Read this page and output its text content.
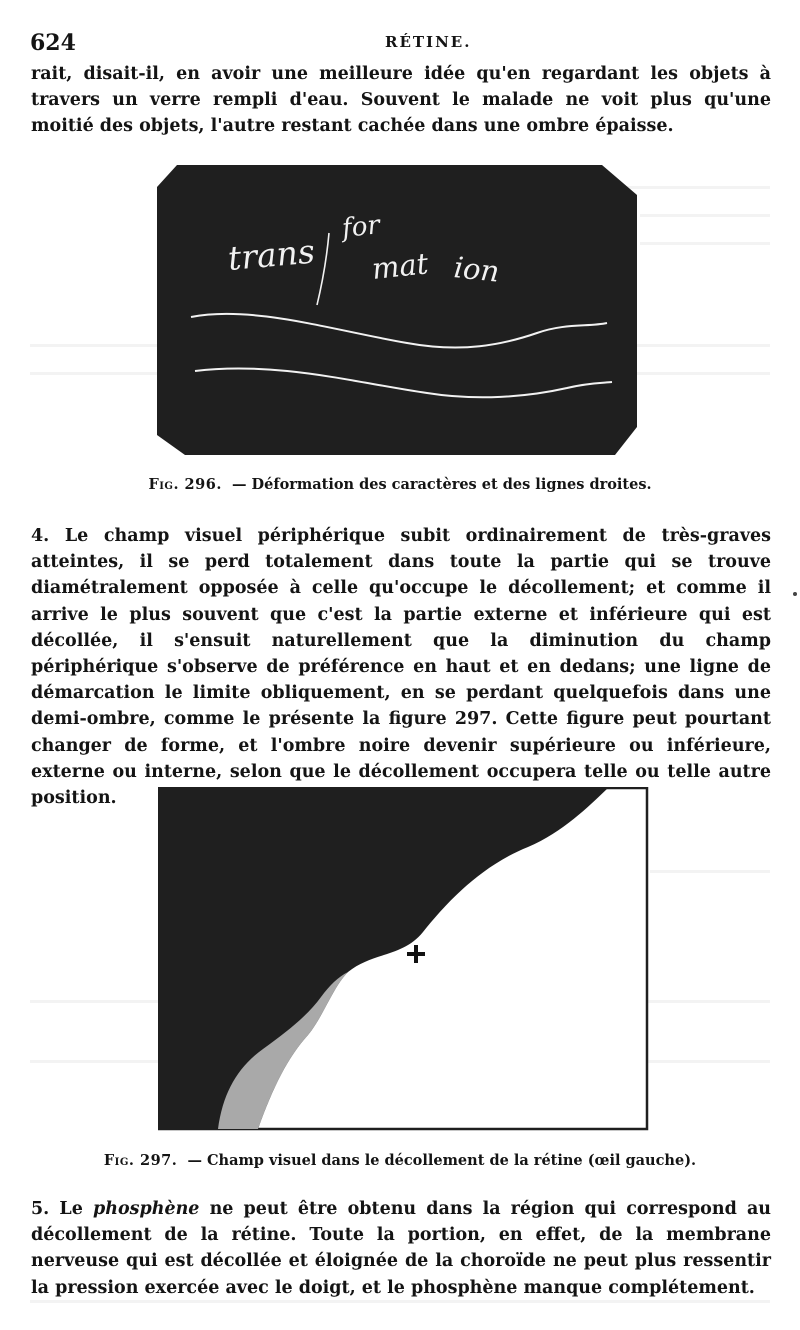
624	RÉTINE.

rait, disait-il, en avoir une meilleure idée qu'en regardant les objets à travers un verre rempli d'eau. Souvent le malade ne voit plus qu'une moitié des objets, l'autre restant cachée dans une ombre épaisse.

trans
for
mat ion

Fig. 296. — Déformation des caractères et des lignes droites.

4. Le champ visuel périphérique subit ordinairement de très-graves atteintes, il se perd totalement dans toute la partie qui se trouve diamétralement opposée à celle qu'occupe le décollement; et comme il arrive le plus souvent que c'est la partie externe et inférieure qui est décollée, il s'ensuit naturellement que la diminution du champ périphérique s'observe de préférence en haut et en dedans; une ligne de démarcation le limite obliquement, en se perdant quelquefois dans une demi-ombre, comme le présente la figure 297. Cette figure peut pourtant changer de forme, et l'ombre noire devenir supérieure ou inférieure, externe ou interne, selon que le décollement occupera telle ou telle autre position.

Fig. 297. — Champ visuel dans le décollement de la rétine (œil gauche).

5. Le phosphène ne peut être obtenu dans la région qui correspond au décollement de la rétine. Toute la portion, en effet, de la membrane nerveuse qui est décollée et éloignée de la choroïde ne peut plus ressentir la pression exercée avec le doigt, et le phosphène manque complétement.
